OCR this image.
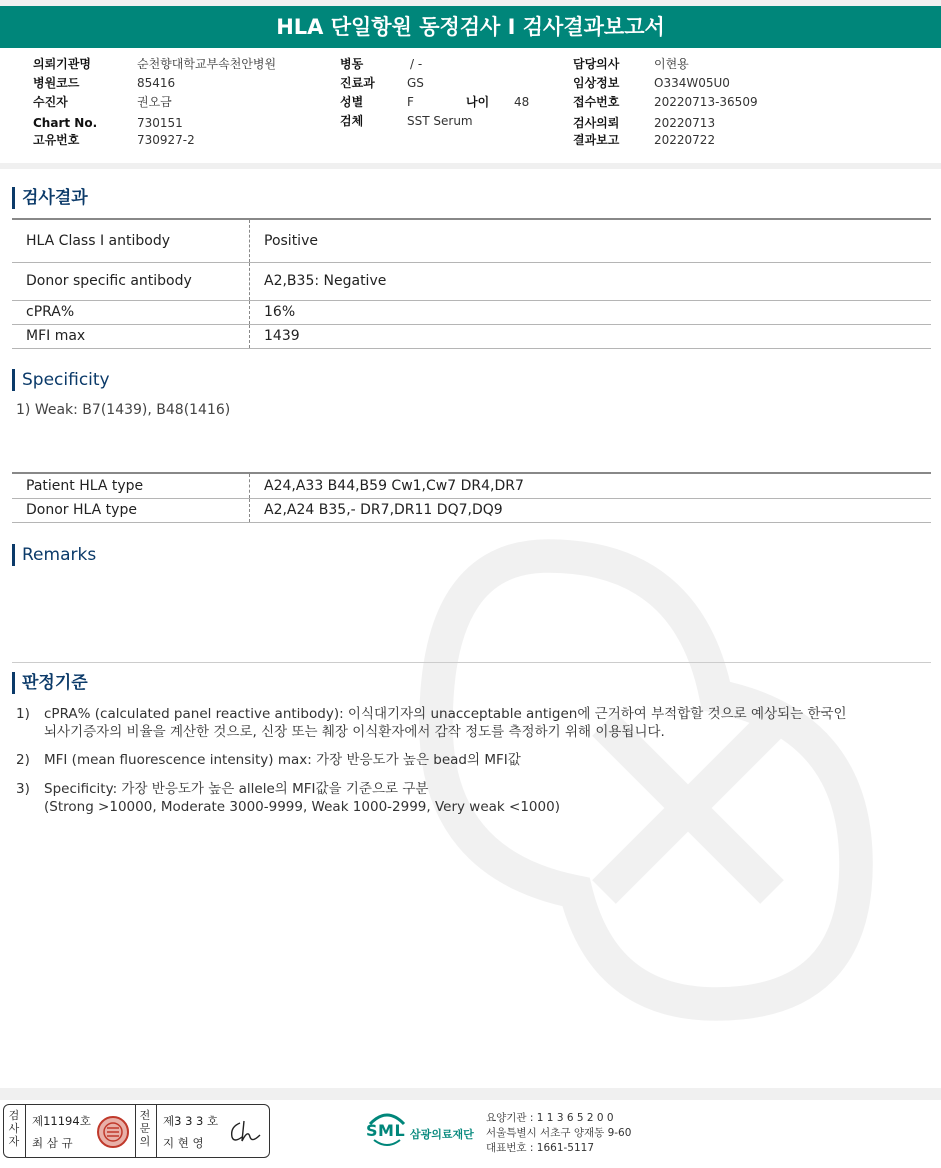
HLA 단일항원 동정검사 I 검사결과보고서
의뢰기관명	순천향대학교부속천안병원
병원코드	85416
수진자	권오금
Chart No.	730151
고유번호	730927-2
병동	/ -
진료과	GS
성별	F	나이 48
검체	SST Serum
담당의사	이현용
임상정보	O334W05U0
접수번호	20220713-36509
검사의뢰	20220713
결과보고	20220722
검사결과
HLA Class I antibody	Positive
Donor specific antibody	A2,B35: Negative
cPRA%	16%
MFI max	1439
Specificity
1) Weak: B7(1439), B48(1416)
Patient HLA type	A24,A33 B44,B59 Cw1,Cw7 DR4,DR7
Donor HLA type	A2,A24 B35,- DR7,DR11 DQ7,DQ9
Remarks
판정기준
1) cPRA% (calculated panel reactive antibody): 이식대기자의 unacceptable antigen에 근거하여 부적합할 것으로 예상되는 한국인
뇌사기증자의 비율을 계산한 것으로, 신장 또는 췌장 이식환자에서 감작 정도를 측정하기 위해 이용됩니다.
2) MFI (mean fluorescence intensity) max: 가장 반응도가 높은 bead의 MFI값
3) Specificity: 가장 반응도가 높은 allele의 MFI값을 기준으로 구분
(Strong >10000, Moderate 3000-9999, Weak 1000-2999, Very weak <1000)
검사자
제11194호
최 삼 규
전문의
제3 3 3 호
지 현 영
SML 삼광의료재단
요양기관 : 1 1 3 6 5 2 0 0
서울특별시 서초구 양재동 9-60
대표번호 : 1661-5117
